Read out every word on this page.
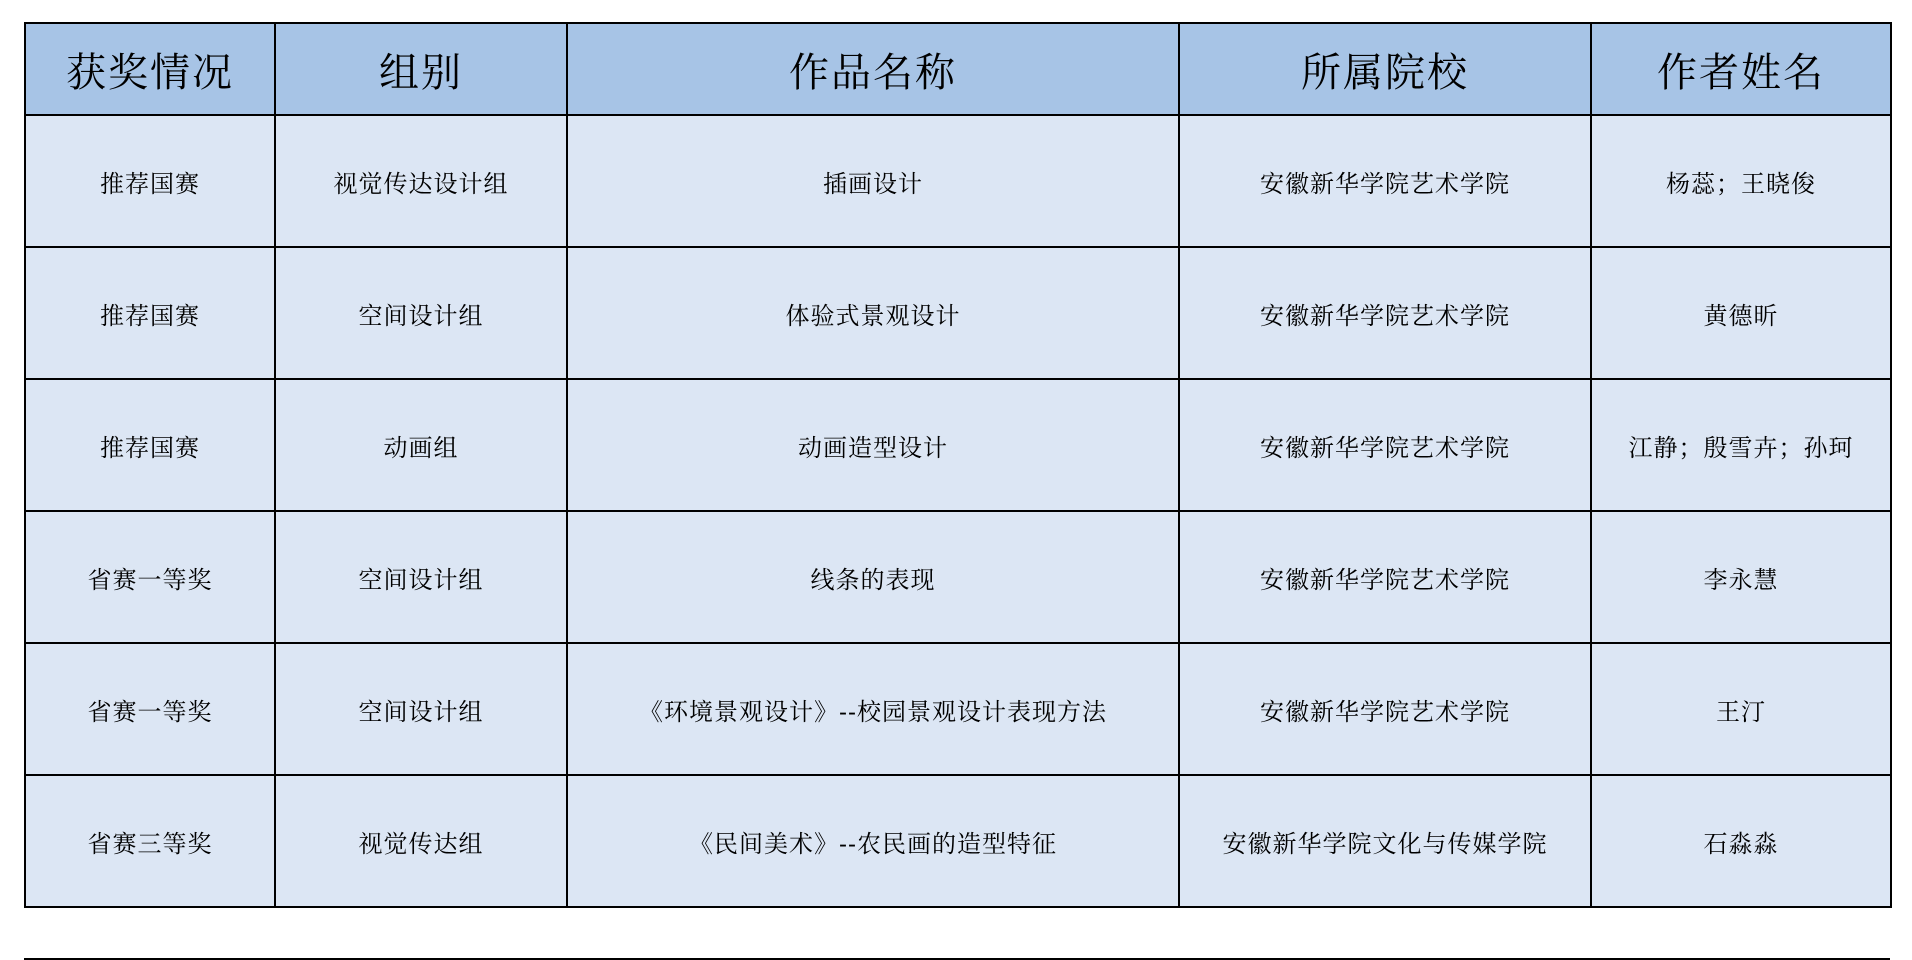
获奖情况	组别	作品名称	所属院校	作者姓名
推荐国赛	视觉传达设计组	插画设计	安徽新华学院艺术学院	杨蕊；王晓俊
推荐国赛	空间设计组	体验式景观设计	安徽新华学院艺术学院	黄德昕
推荐国赛	动画组	动画造型设计	安徽新华学院艺术学院	江静；殷雪卉；孙珂
省赛一等奖	空间设计组	线条的表现	安徽新华学院艺术学院	李永慧
省赛一等奖	空间设计组	《环境景观设计》--校园景观设计表现方法	安徽新华学院艺术学院	王汀
省赛三等奖	视觉传达组	《民间美术》--农民画的造型特征	安徽新华学院文化与传媒学院	石淼淼
